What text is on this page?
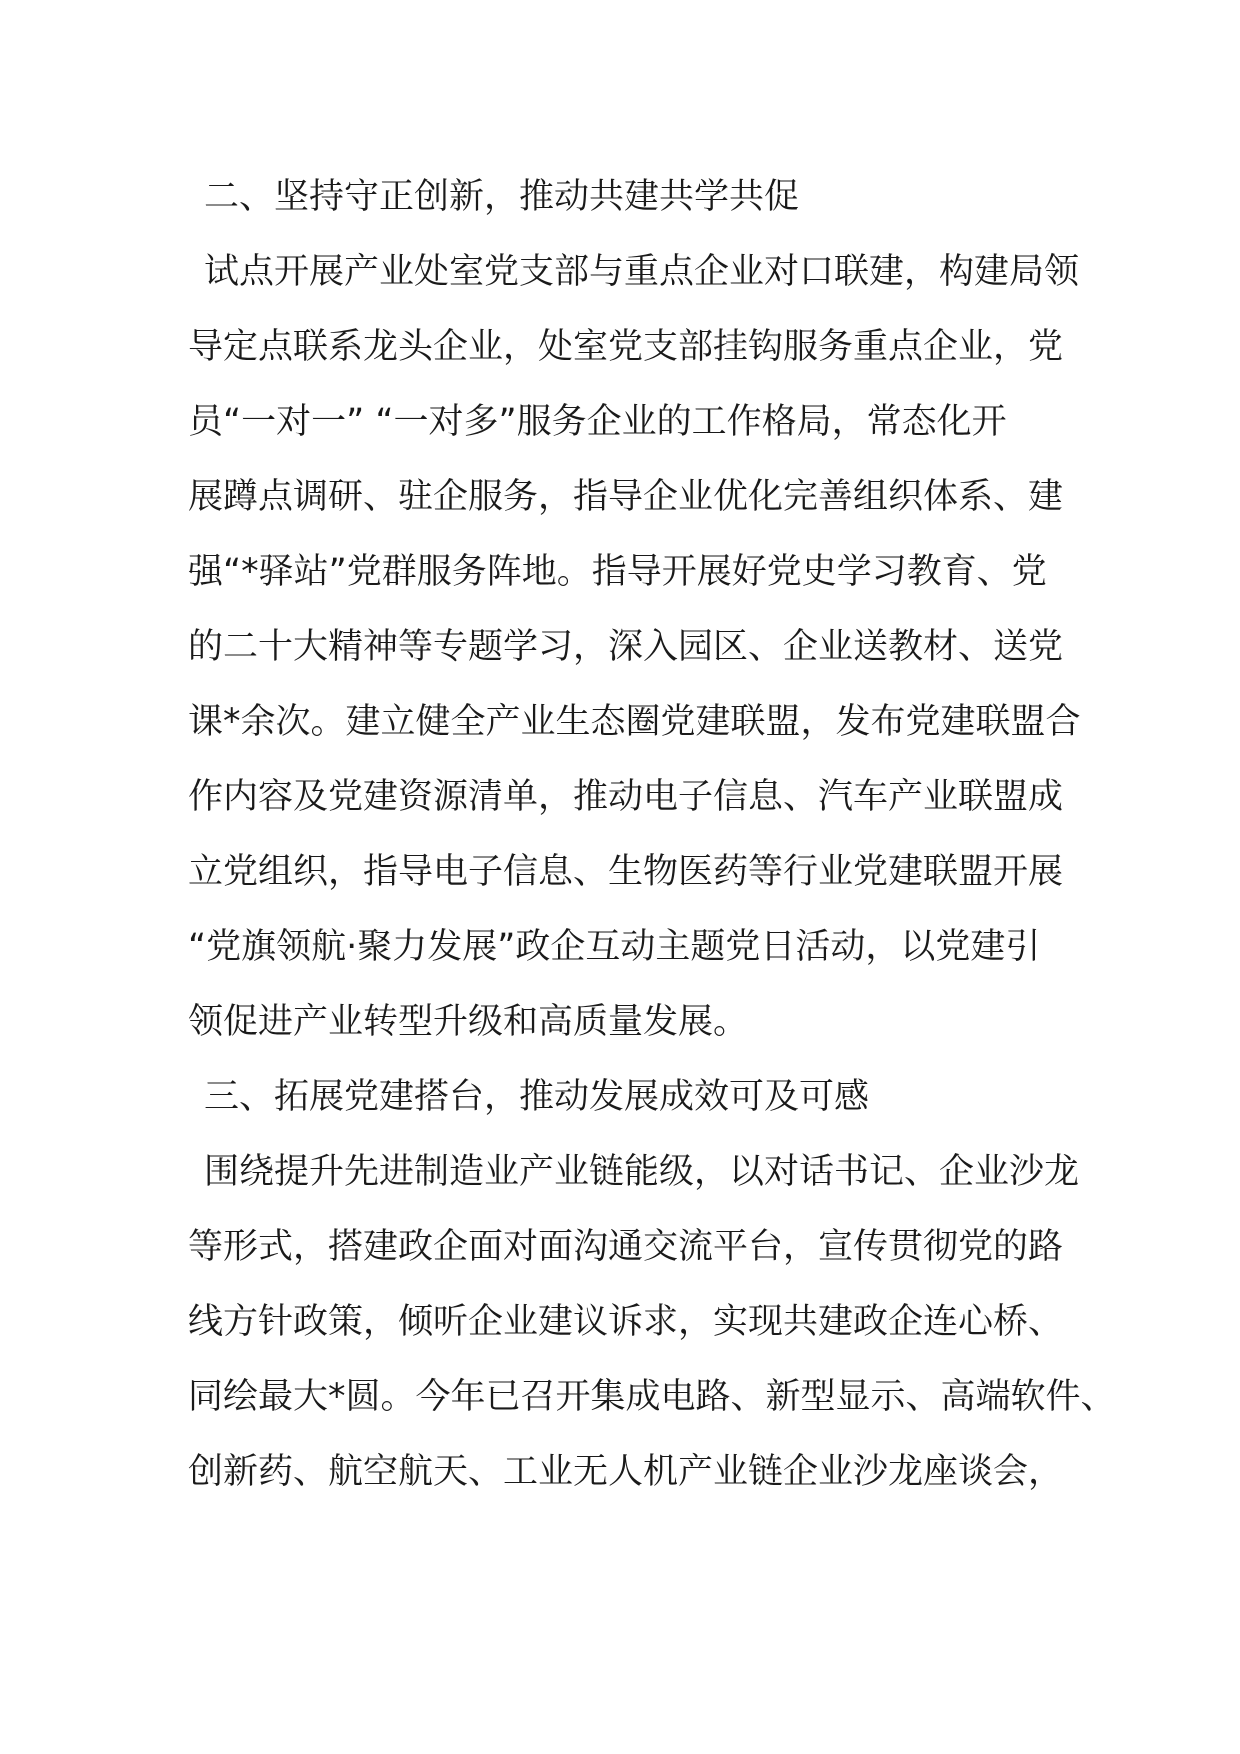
二、坚持守正创新，推动共建共学共促

试点开展产业处室党支部与重点企业对口联建，构建局领
导定点联系龙头企业，处室党支部挂钩服务重点企业，党
员“一对一” “一对多”服务企业的工作格局，常态化开
展蹲点调研、驻企服务，指导企业优化完善组织体系、建
强“*驿站”党群服务阵地。指导开展好党史学习教育、党
的二十大精神等专题学习，深入园区、企业送教材、送党
课*余次。建立健全产业生态圈党建联盟，发布党建联盟合
作内容及党建资源清单，推动电子信息、汽车产业联盟成
立党组织，指导电子信息、生物医药等行业党建联盟开展
“党旗领航·聚力发展”政企互动主题党日活动，以党建引
领促进产业转型升级和高质量发展。

三、拓展党建搭台，推动发展成效可及可感

围绕提升先进制造业产业链能级，以对话书记、企业沙龙
等形式，搭建政企面对面沟通交流平台，宣传贯彻党的路
线方针政策，倾听企业建议诉求，实现共建政企连心桥、
同绘最大*圆。今年已召开集成电路、新型显示、高端软件、
创新药、航空航天、工业无人机产业链企业沙龙座谈会，
